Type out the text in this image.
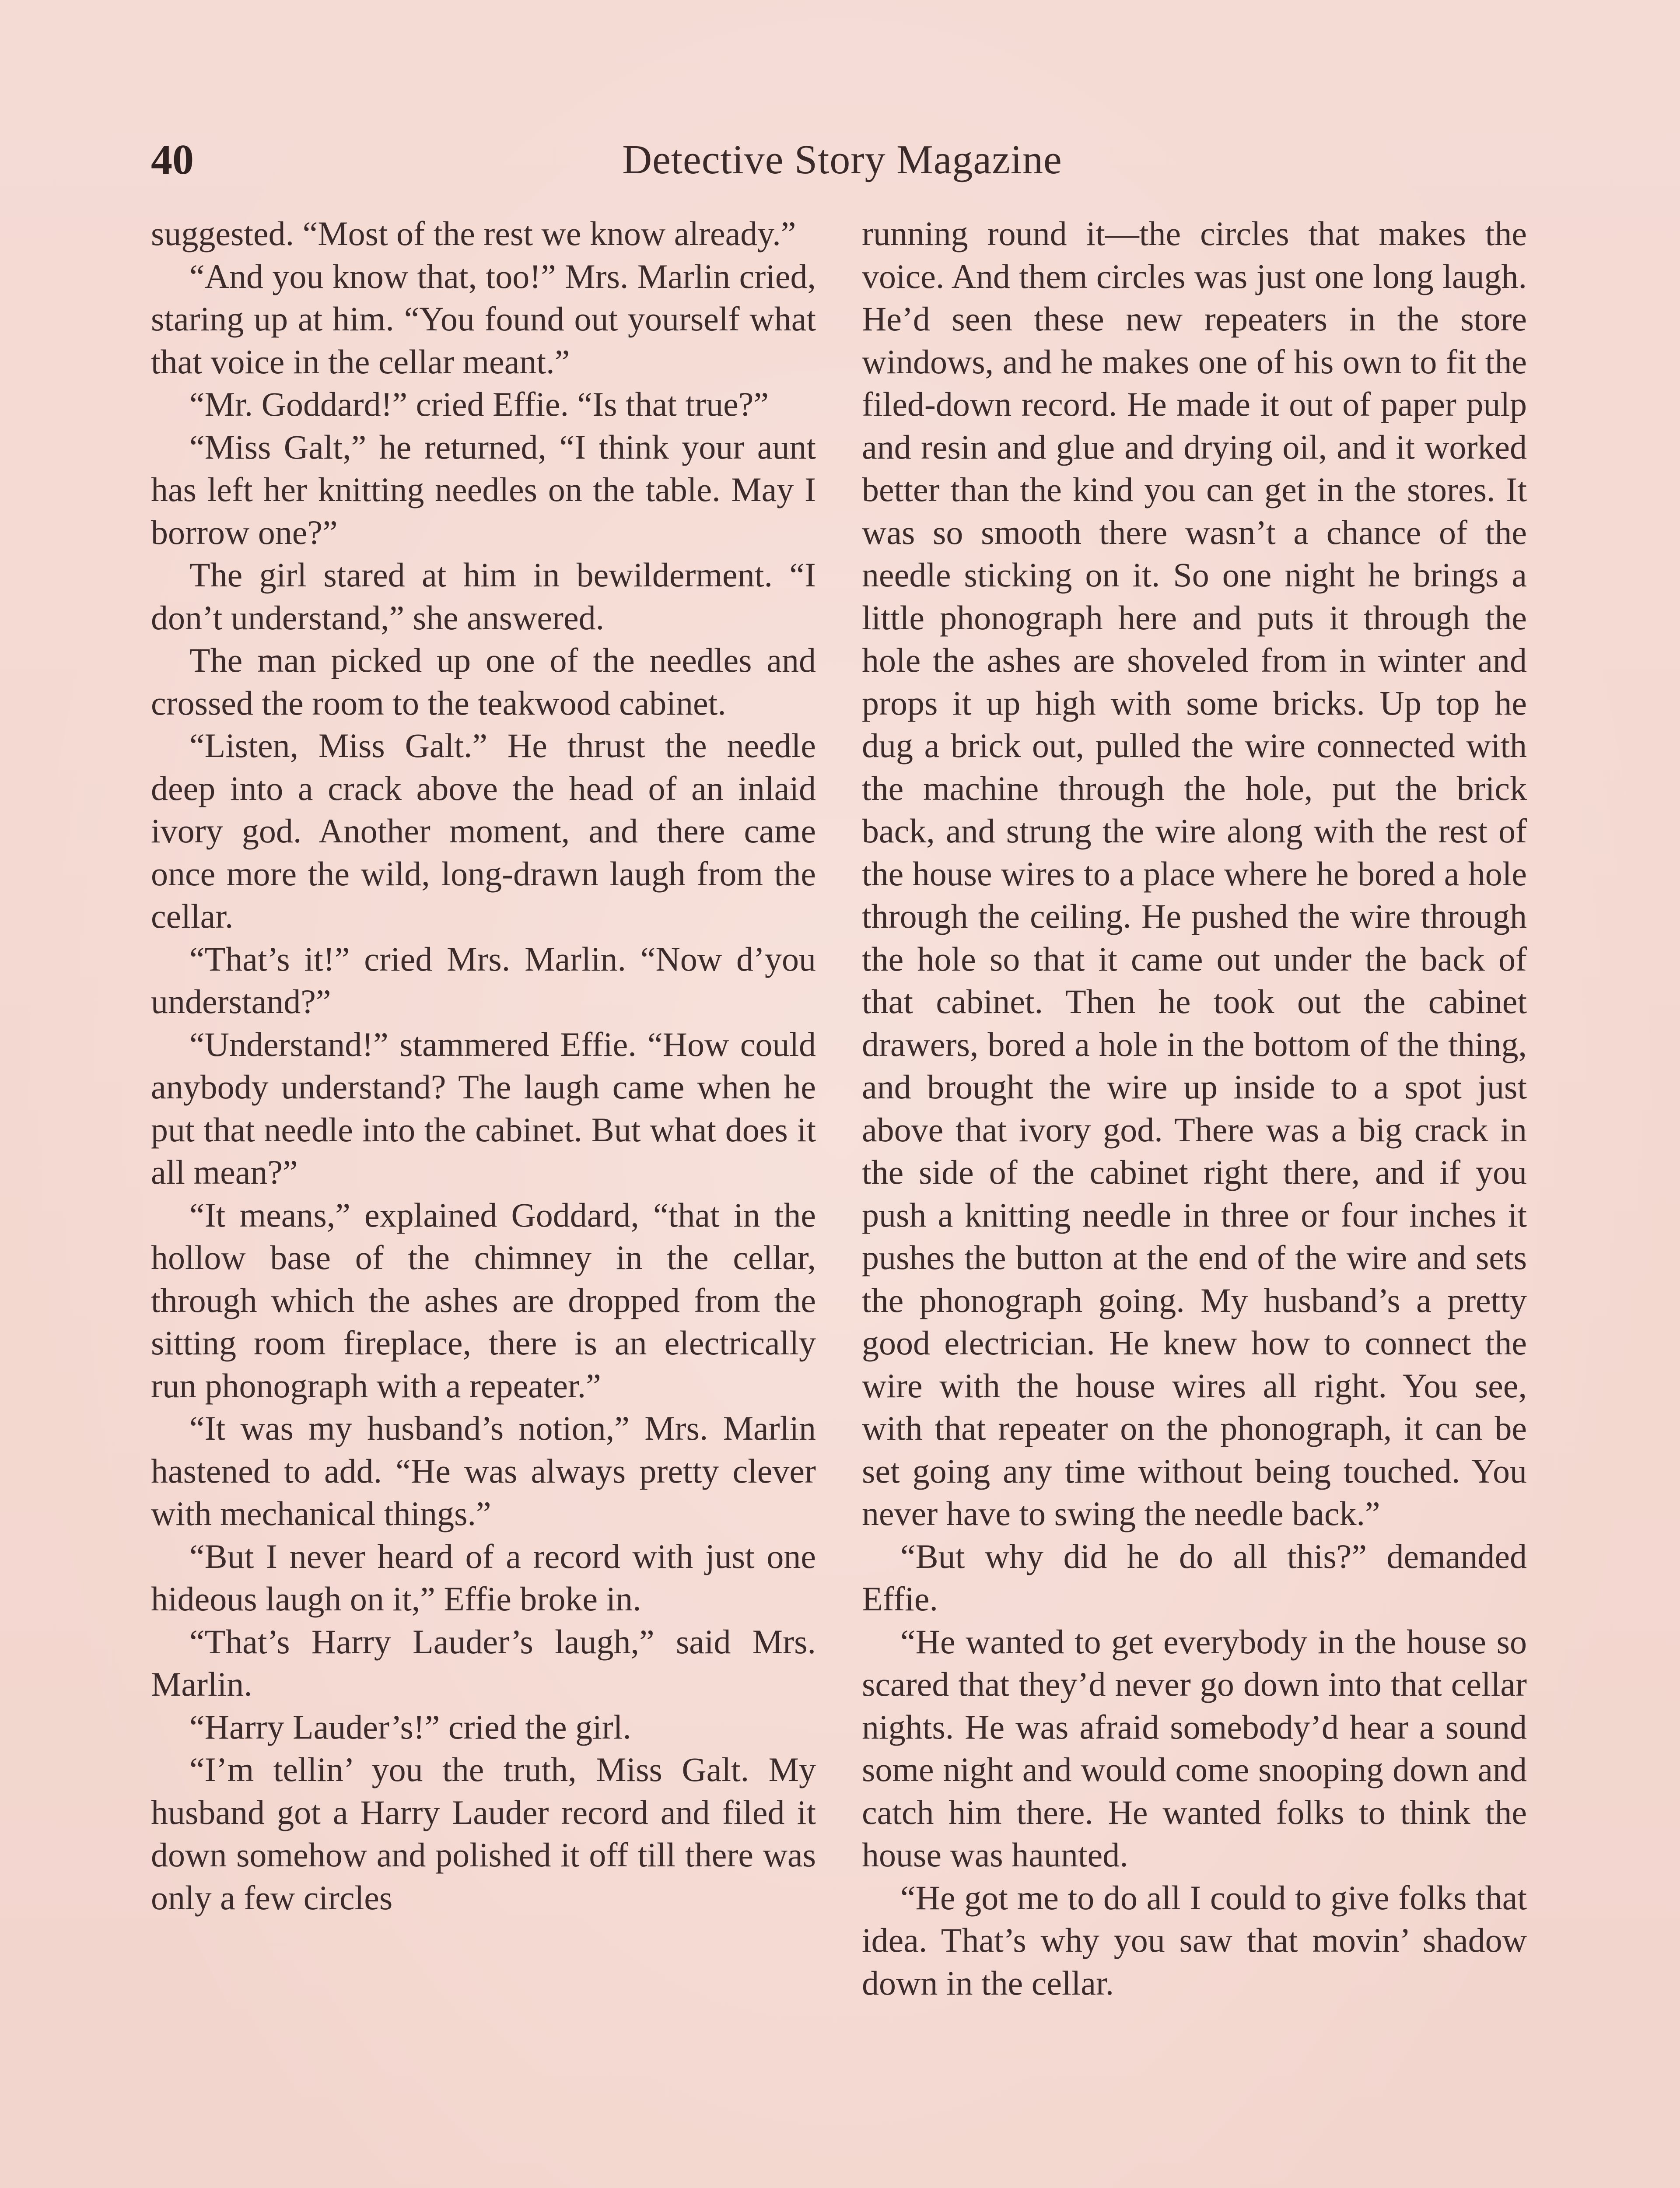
40	Detective Story Magazine

suggested. “Most of the rest we know already.”

“And you know that, too!” Mrs. Marlin cried, staring up at him. “You found out yourself what that voice in the cellar meant.”

“Mr. Goddard!” cried Effie. “Is that true?”

“Miss Galt,” he returned, “I think your aunt has left her knitting needles on the table. May I borrow one?”

The girl stared at him in bewilderment. “I don’t understand,” she answered.

The man picked up one of the needles and crossed the room to the teakwood cabinet.

“Listen, Miss Galt.” He thrust the needle deep into a crack above the head of an inlaid ivory god. Another moment, and there came once more the wild, long-drawn laugh from the cellar.

“That’s it!” cried Mrs. Marlin. “Now d’you understand?”

“Understand!” stammered Effie. “How could anybody understand? The laugh came when he put that needle into the cabinet. But what does it all mean?”

“It means,” explained Goddard, “that in the hollow base of the chimney in the cellar, through which the ashes are dropped from the sitting room fireplace, there is an electrically run phonograph with a repeater.”

“It was my husband’s notion,” Mrs. Marlin hastened to add. “He was always pretty clever with mechanical things.”

“But I never heard of a record with just one hideous laugh on it,” Effie broke in.

“That’s Harry Lauder’s laugh,” said Mrs. Marlin.

“Harry Lauder’s!” cried the girl.

“I’m tellin’ you the truth, Miss Galt. My husband got a Harry Lauder record and filed it down somehow and polished it off till there was only a few circles

running round it—the circles that makes the voice. And them circles was just one long laugh. He’d seen these new repeaters in the store windows, and he makes one of his own to fit the filed-down record. He made it out of paper pulp and resin and glue and drying oil, and it worked better than the kind you can get in the stores. It was so smooth there wasn’t a chance of the needle sticking on it. So one night he brings a little phonograph here and puts it through the hole the ashes are shoveled from in winter and props it up high with some bricks. Up top he dug a brick out, pulled the wire connected with the machine through the hole, put the brick back, and strung the wire along with the rest of the house wires to a place where he bored a hole through the ceiling. He pushed the wire through the hole so that it came out under the back of that cabinet. Then he took out the cabinet drawers, bored a hole in the bottom of the thing, and brought the wire up inside to a spot just above that ivory god. There was a big crack in the side of the cabinet right there, and if you push a knitting needle in three or four inches it pushes the button at the end of the wire and sets the phonograph going. My husband’s a pretty good electrician. He knew how to connect the wire with the house wires all right. You see, with that repeater on the phonograph, it can be set going any time without being touched. You never have to swing the needle back.”

“But why did he do all this?” demanded Effie.

“He wanted to get everybody in the house so scared that they’d never go down into that cellar nights. He was afraid somebody’d hear a sound some night and would come snooping down and catch him there. He wanted folks to think the house was haunted.

“He got me to do all I could to give folks that idea. That’s why you saw that movin’ shadow down in the cellar.
